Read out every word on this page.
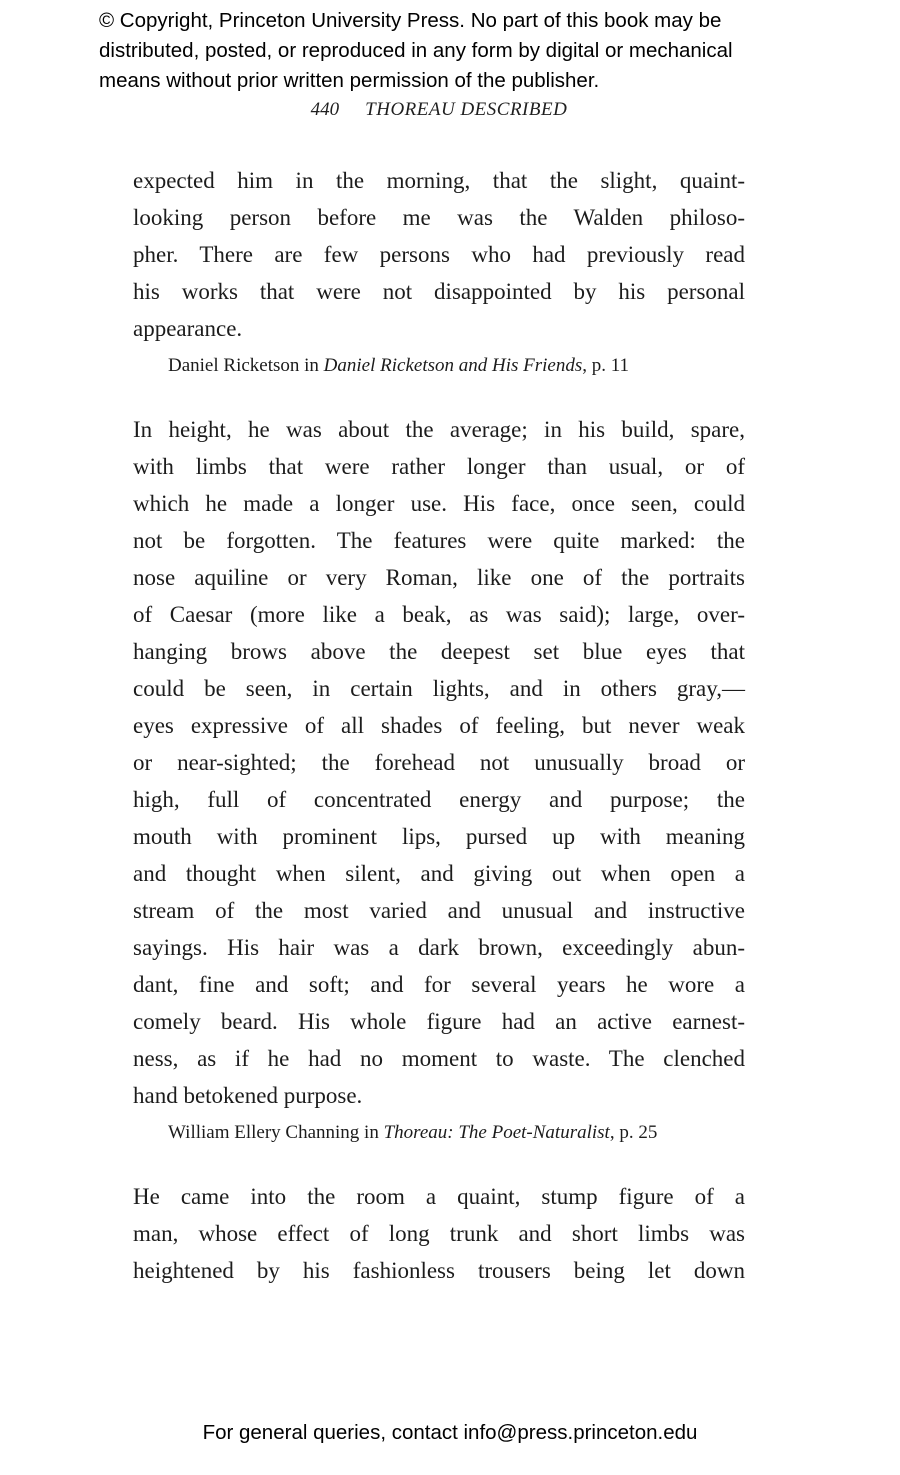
© Copyright, Princeton University Press. No part of this book may be
distributed, posted, or reproduced in any form by digital or mechanical
means without prior written permission of the publisher.
440 THOREAU DESCRIBED
expected him in the morning, that the slight, quaint-
looking person before me was the Walden philoso-
pher. There are few persons who had previously read
his works that were not disappointed by his personal
appearance.
Daniel Ricketson in Daniel Ricketson and His Friends, p. 11
In height, he was about the average; in his build, spare,
with limbs that were rather longer than usual, or of
which he made a longer use. His face, once seen, could
not be forgotten. The features were quite marked: the
nose aquiline or very Roman, like one of the portraits
of Caesar (more like a beak, as was said); large, over-
hanging brows above the deepest set blue eyes that
could be seen, in certain lights, and in others gray,—
eyes expressive of all shades of feeling, but never weak
or near-sighted; the forehead not unusually broad or
high, full of concentrated energy and purpose; the
mouth with prominent lips, pursed up with meaning
and thought when silent, and giving out when open a
stream of the most varied and unusual and instructive
sayings. His hair was a dark brown, exceedingly abun-
dant, fine and soft; and for several years he wore a
comely beard. His whole figure had an active earnest-
ness, as if he had no moment to waste. The clenched
hand betokened purpose.
William Ellery Channing in Thoreau: The Poet-Naturalist, p. 25
He came into the room a quaint, stump figure of a
man, whose effect of long trunk and short limbs was
heightened by his fashionless trousers being let down
For general queries, contact info@press.princeton.edu
